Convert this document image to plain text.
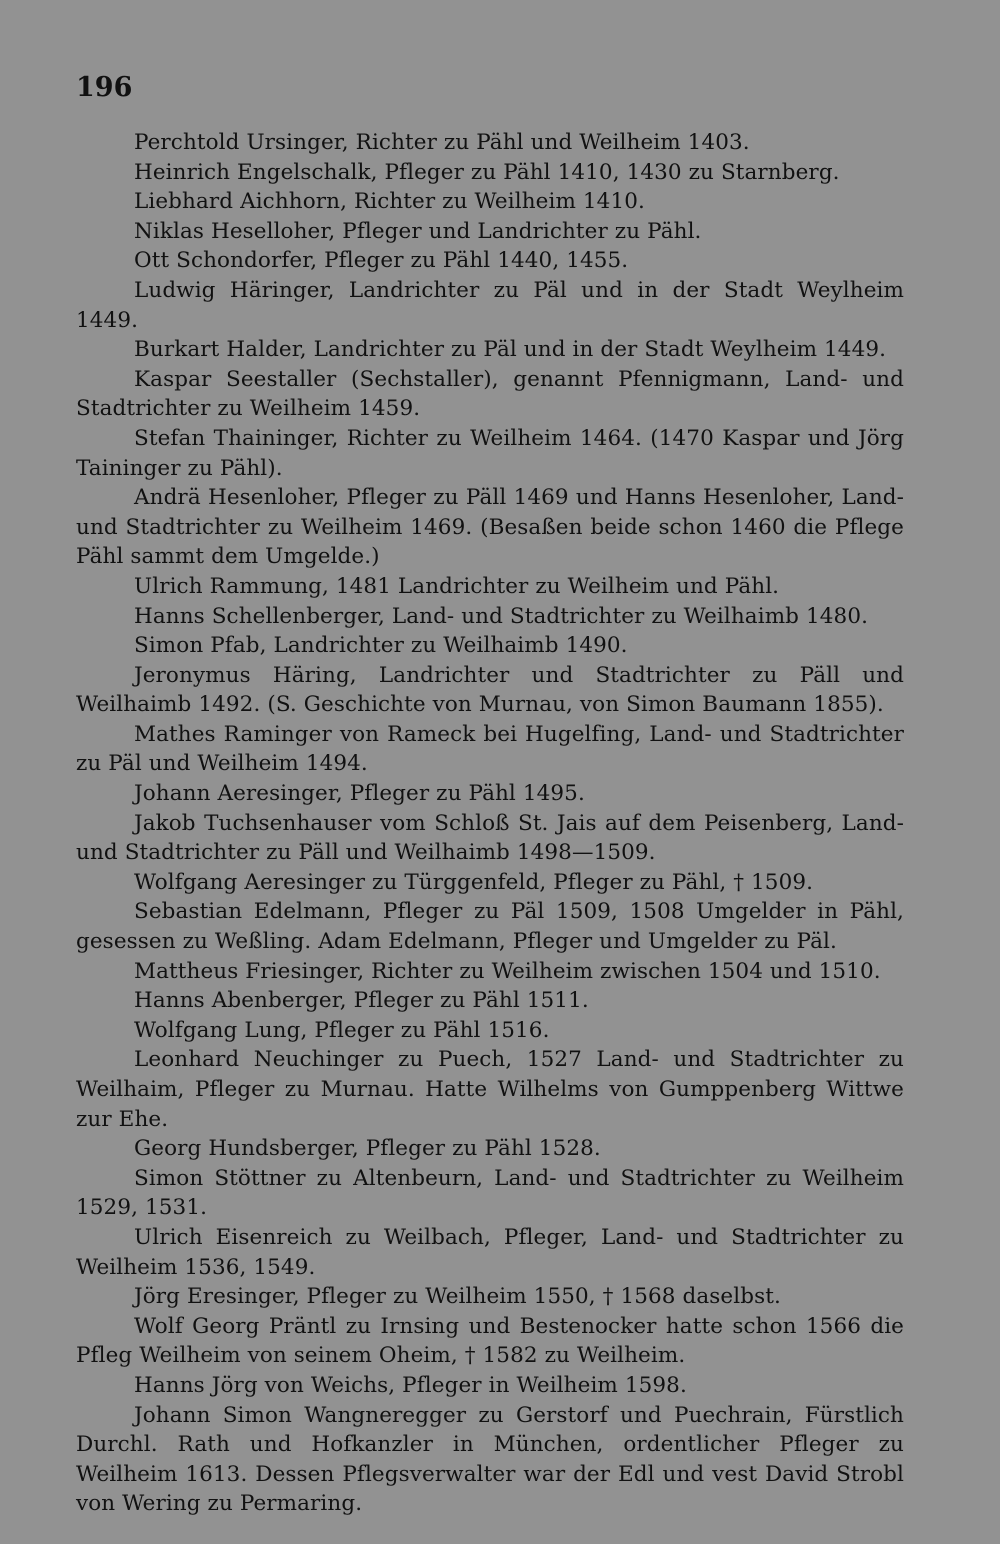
196

Perchtold Ursinger, Richter zu Pähl und Weilheim 1403.

Heinrich Engelschalk, Pfleger zu Pähl 1410, 1430 zu Starnberg.

Liebhard Aichhorn, Richter zu Weilheim 1410.

Niklas Heselloher, Pfleger und Landrichter zu Pähl.

Ott Schondorfer, Pfleger zu Pähl 1440, 1455.

Ludwig Häringer, Landrichter zu Päl und in der Stadt Weylheim 1449.

Burkart Halder, Landrichter zu Päl und in der Stadt Weylheim 1449.

Kaspar Seestaller (Sechstaller), genannt Pfennigmann, Land- und Stadtrichter zu Weilheim 1459.

Stefan Thaininger, Richter zu Weilheim 1464. (1470 Kaspar und Jörg Taininger zu Pähl).

Andrä Hesenloher, Pfleger zu Päll 1469 und Hanns Hesenloher, Land- und Stadtrichter zu Weilheim 1469. (Besaßen beide schon 1460 die Pflege Pähl sammt dem Umgelde.)

Ulrich Rammung, 1481 Landrichter zu Weilheim und Pähl.

Hanns Schellenberger, Land- und Stadtrichter zu Weilhaimb 1480.

Simon Pfab, Landrichter zu Weilhaimb 1490.

Jeronymus Häring, Landrichter und Stadtrichter zu Päll und Weilhaimb 1492. (S. Geschichte von Murnau, von Simon Baumann 1855).

Mathes Raminger von Rameck bei Hugelfing, Land- und Stadtrichter zu Päl und Weilheim 1494.

Johann Aeresinger, Pfleger zu Pähl 1495.

Jakob Tuchsenhauser vom Schloß St. Jais auf dem Peisenberg, Land- und Stadtrichter zu Päll und Weilhaimb 1498—1509.

Wolfgang Aeresinger zu Türggenfeld, Pfleger zu Pähl, † 1509.

Sebastian Edelmann, Pfleger zu Päl 1509, 1508 Umgelder in Pähl, gesessen zu Weßling. Adam Edelmann, Pfleger und Umgelder zu Päl.

Mattheus Friesinger, Richter zu Weilheim zwischen 1504 und 1510.

Hanns Abenberger, Pfleger zu Pähl 1511.

Wolfgang Lung, Pfleger zu Pähl 1516.

Leonhard Neuchinger zu Puech, 1527 Land- und Stadtrichter zu Weilhaim, Pfleger zu Murnau. Hatte Wilhelms von Gumppenberg Wittwe zur Ehe.

Georg Hundsberger, Pfleger zu Pähl 1528.

Simon Stöttner zu Altenbeurn, Land- und Stadtrichter zu Weilheim 1529, 1531.

Ulrich Eisenreich zu Weilbach, Pfleger, Land- und Stadtrichter zu Weilheim 1536, 1549.

Jörg Eresinger, Pfleger zu Weilheim 1550, † 1568 daselbst.

Wolf Georg Präntl zu Irnsing und Bestenocker hatte schon 1566 die Pfleg Weilheim von seinem Oheim, † 1582 zu Weilheim.

Hanns Jörg von Weichs, Pfleger in Weilheim 1598.

Johann Simon Wangneregger zu Gerstorf und Puechrain, Fürstlich Durchl. Rath und Hofkanzler in München, ordentlicher Pfleger zu Weilheim 1613. Dessen Pflegsverwalter war der Edl und vest David Strobl von Wering zu Permaring.
